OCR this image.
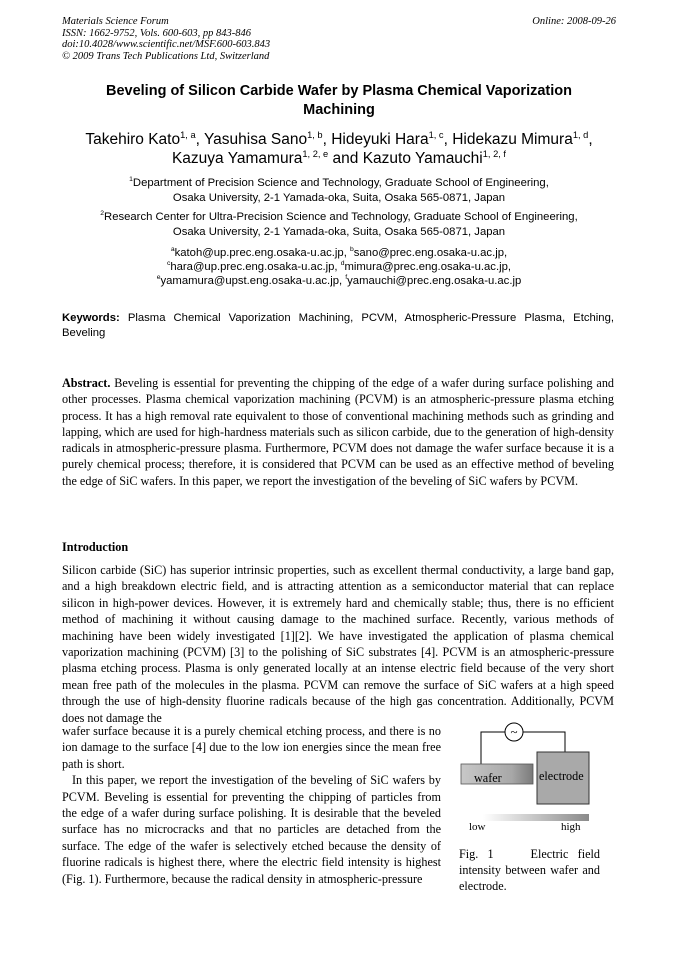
Materials Science Forum
ISSN: 1662-9752, Vols. 600-603, pp 843-846
doi:10.4028/www.scientific.net/MSF.600-603.843
© 2009 Trans Tech Publications Ltd, Switzerland
Online: 2008-09-26
Beveling of Silicon Carbide Wafer by Plasma Chemical Vaporization
Machining
Takehiro Kato$^{1, a}$, Yasuhisa Sano$^{1, b}$, Hideyuki Hara$^{1, c}$, Hidekazu Mimura$^{1, d}$,
Kazuya Yamamura$^{1, 2, e}$ and Kazuto Yamauchi$^{1, 2, f}$
$^1$Department of Precision Science and Technology, Graduate School of Engineering,
Osaka University, 2-1 Yamada-oka, Suita, Osaka 565-0871, Japan
$^2$Research Center for Ultra-Precision Science and Technology, Graduate School of Engineering,
Osaka University, 2-1 Yamada-oka, Suita, Osaka 565-0871, Japan
$^a$katoh@up.prec.eng.osaka-u.ac.jp, $^b$sano@prec.eng.osaka-u.ac.jp,
$^c$hara@up.prec.eng.osaka-u.ac.jp, $^d$mimura@prec.eng.osaka-u.ac.jp,
$^e$yamamura@upst.eng.osaka-u.ac.jp, $^f$yamauchi@prec.eng.osaka-u.ac.jp
Keywords: Plasma Chemical Vaporization Machining, PCVM, Atmospheric-Pressure Plasma, Etching, Beveling
Abstract. Beveling is essential for preventing the chipping of the edge of a wafer during surface polishing and other processes. Plasma chemical vaporization machining (PCVM) is an atmospheric-pressure plasma etching process. It has a high removal rate equivalent to those of conventional machining methods such as grinding and lapping, which are used for high-hardness materials such as silicon carbide, due to the generation of high-density radicals in atmospheric-pressure plasma. Furthermore, PCVM does not damage the wafer surface because it is a purely chemical process; therefore, it is considered that PCVM can be used as an effective method of beveling the edge of SiC wafers. In this paper, we report the investigation of the beveling of SiC wafers by PCVM.
Introduction
Silicon carbide (SiC) has superior intrinsic properties, such as excellent thermal conductivity, a large band gap, and a high breakdown electric field, and is attracting attention as a semiconductor material that can replace silicon in high-power devices. However, it is extremely hard and chemically stable; thus, there is no efficient method of machining it without causing damage to the machined surface. Recently, various methods of machining have been widely investigated [1][2]. We have investigated the application of plasma chemical vaporization machining (PCVM) [3] to the polishing of SiC substrates [4]. PCVM is an atmospheric-pressure plasma etching process. Plasma is only generated locally at an intense electric field because of the very short mean free path of the molecules in the plasma. PCVM can remove the surface of SiC wafers at a high speed through the use of high-density fluorine radicals because of the high gas concentration. Additionally, PCVM does not damage the

wafer surface because it is a purely chemical etching process, and there is no ion damage to the surface [4] due to the low ion energies since the mean free path is short.

In this paper, we report the investigation of the beveling of SiC wafers by PCVM. Beveling is essential for preventing the chipping of particles from the edge of a wafer during surface polishing. It is desirable that the beveled surface has no microcracks and that no particles are detached from the surface. The edge of the wafer is selectively etched because the density of fluorine radicals is highest there, where the electric field intensity is highest (Fig. 1). Furthermore, because the radical density in atmospheric-pressure

~
wafer	electrode
low	high
Fig. 1    Electric field intensity between wafer and electrode.
